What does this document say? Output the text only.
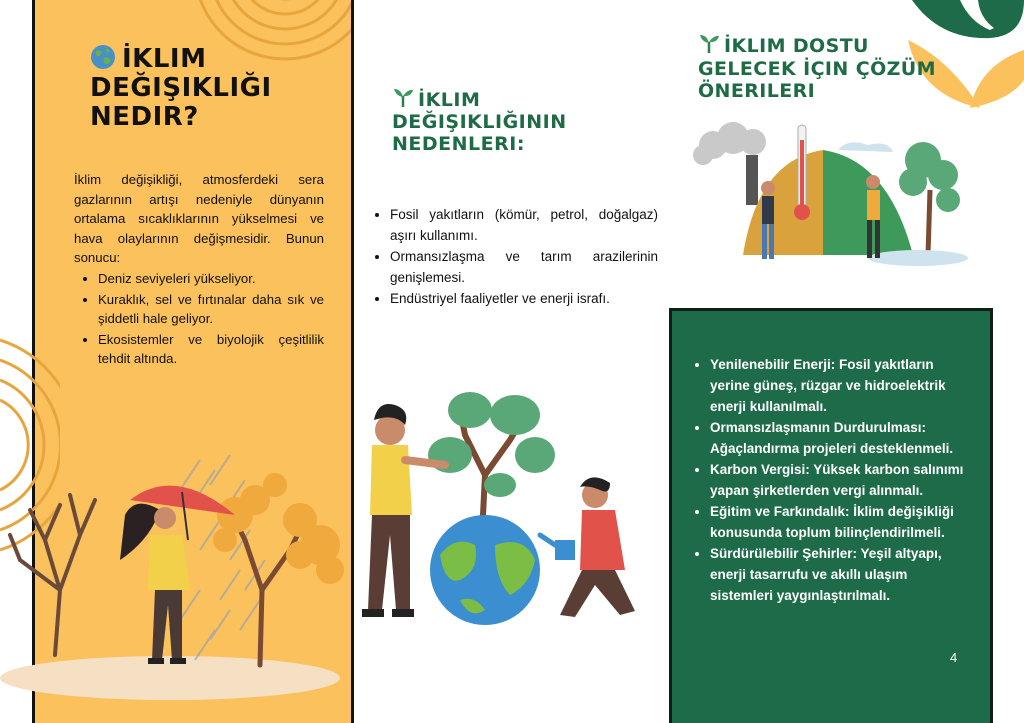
İKLIM DEĞIŞIKLIĞI NEDIR?

İklim değişikliği, atmosferdeki sera gazlarının artışı nedeniyle dünyanın ortalama sıcaklıklarının yükselmesi ve hava olaylarının değişmesidir. Bunun sonucu:

• Deniz seviyeleri yükseliyor.
• Kuraklık, sel ve fırtınalar daha sık ve şiddetli hale geliyor.
• Ekosistemler ve biyolojik çeşitlilik tehdit altında.
İKLIM DEĞIŞIKLIĞININ NEDENLERI:
• Fosil yakıtların (kömür, petrol, doğalgaz) aşırı kullanımı.
• Ormansızlaşma ve tarım arazilerinin genişlemesi.
• Endüstriyel faaliyetler ve enerji israfı.
İKLIM DOSTU GELECEK İÇIN ÇÖZÜM ÖNERILERI
• Yenilenebilir Enerji: Fosil yakıtların yerine güneş, rüzgar ve hidroelektrik enerji kullanılmalı.
• Ormansızlaşmanın Durdurulması: Ağaçlandırma projeleri desteklenmeli.
• Karbon Vergisi: Yüksek karbon salınımı yapan şirketlerden vergi alınmalı.
• Eğitim ve Farkındalık: İklim değişikliği konusunda toplum bilinçlendirilmeli.
• Sürdürülebilir Şehirler: Yeşil altyapı, enerji tasarrufu ve akıllı ulaşım sistemleri yaygınlaştırılmalı.
4
